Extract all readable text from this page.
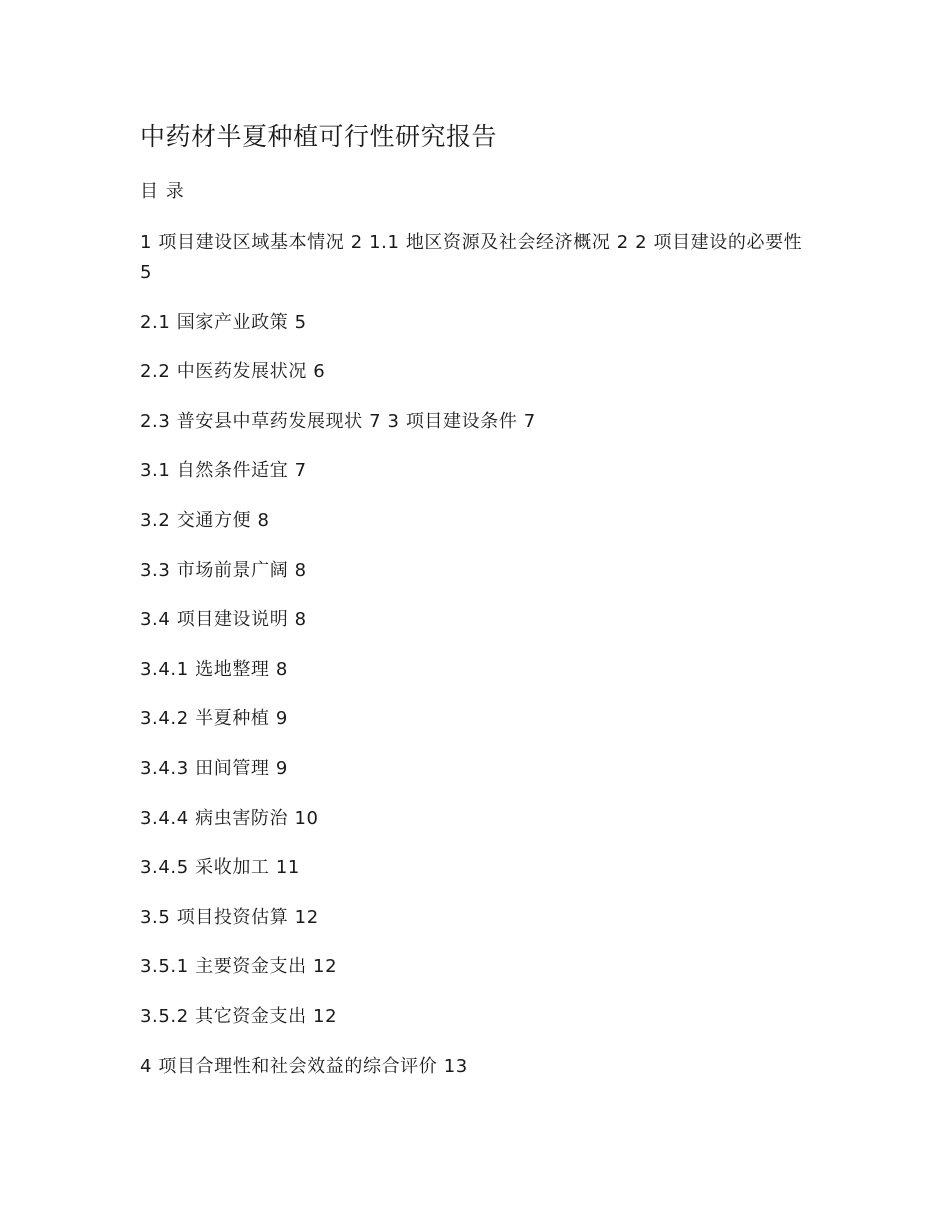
中药材半夏种植可行性研究报告
目 录
1 项目建设区域基本情况 2 1.1 地区资源及社会经济概况 2 2 项目建设的必要性 5
2.1 国家产业政策 5
2.2 中医药发展状况 6
2.3 普安县中草药发展现状 7 3 项目建设条件 7
3.1 自然条件适宜 7
3.2 交通方便 8
3.3 市场前景广阔 8
3.4 项目建设说明 8
3.4.1 选地整理 8
3.4.2 半夏种植 9
3.4.3 田间管理 9
3.4.4 病虫害防治 10
3.4.5 采收加工 11
3.5 项目投资估算 12
3.5.1 主要资金支出 12
3.5.2 其它资金支出 12
4 项目合理性和社会效益的综合评价 13
